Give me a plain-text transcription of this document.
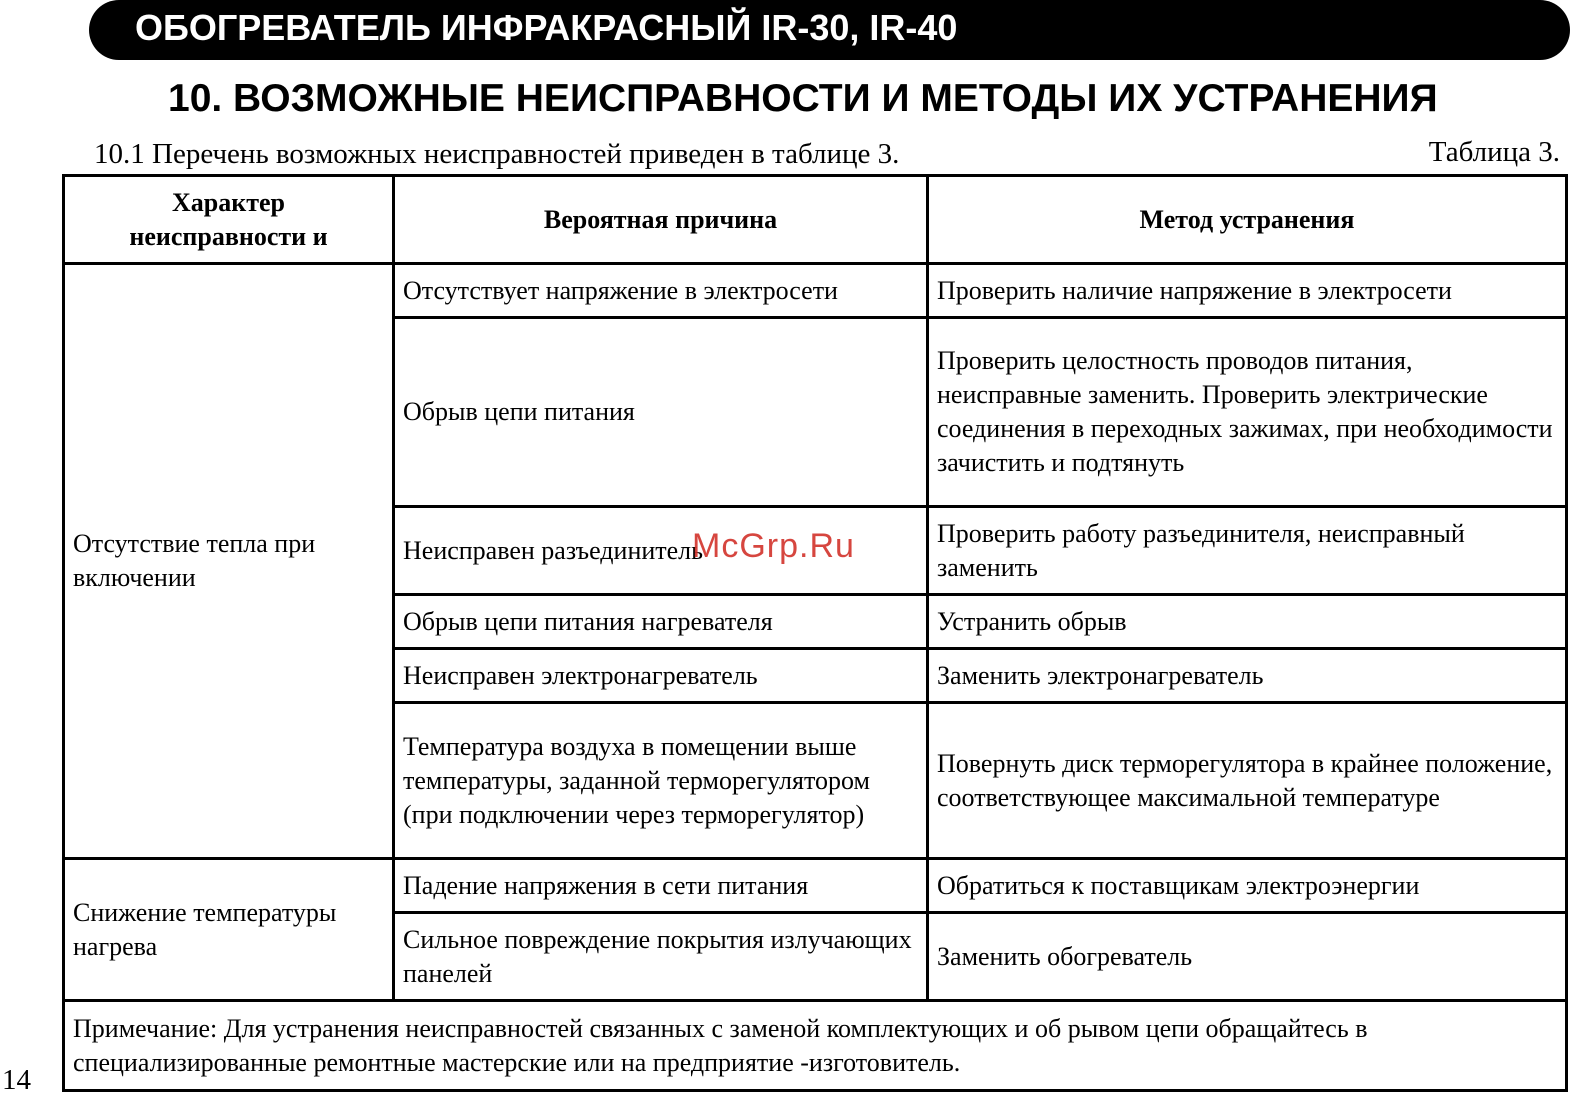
ОБОГРЕВАТЕЛЬ ИНФРАКРАСНЫЙ IR-30, IR-40
10. ВОЗМОЖНЫЕ НЕИСПРАВНОСТИ И МЕТОДЫ ИХ УСТРАНЕНИЯ
10.1 Перечень возможных неисправностей приведен в таблице 3.	Таблица 3.
Характер неисправности и	Вероятная причина	Метод устранения
Отсутствие тепла при включении	Отсутствует напряжение в электросети	Проверить наличие напряжение в электросети
	Обрыв цепи питания	Проверить целостность проводов питания, неисправные заменить. Проверить электрические соединения в переходных зажимах, при необходимости зачистить и подтянуть
	Неисправен разъединитель	Проверить работу разъединителя, неисправный заменить
	Обрыв цепи питания нагревателя	Устранить обрыв
	Неисправен электронагреватель	Заменить электронагреватель
	Температура воздуха в помещении выше температуры, заданной терморегулятором (при подключении через терморегулятор)	Повернуть диск терморегулятора в крайнее положение, соответствующее максимальной температуре
Снижение температуры нагрева	Падение напряжения в сети питания	Обратиться к поставщикам электроэнергии
	Сильное повреждение покрытия излучающих панелей	Заменить обогреватель
Примечание: Для устранения неисправностей связанных с заменой комплектующих и об рывом цепи обращайтесь в специализированные ремонтные мастерские или на предприятие -изготовитель.		
McGrp.Ru
14
